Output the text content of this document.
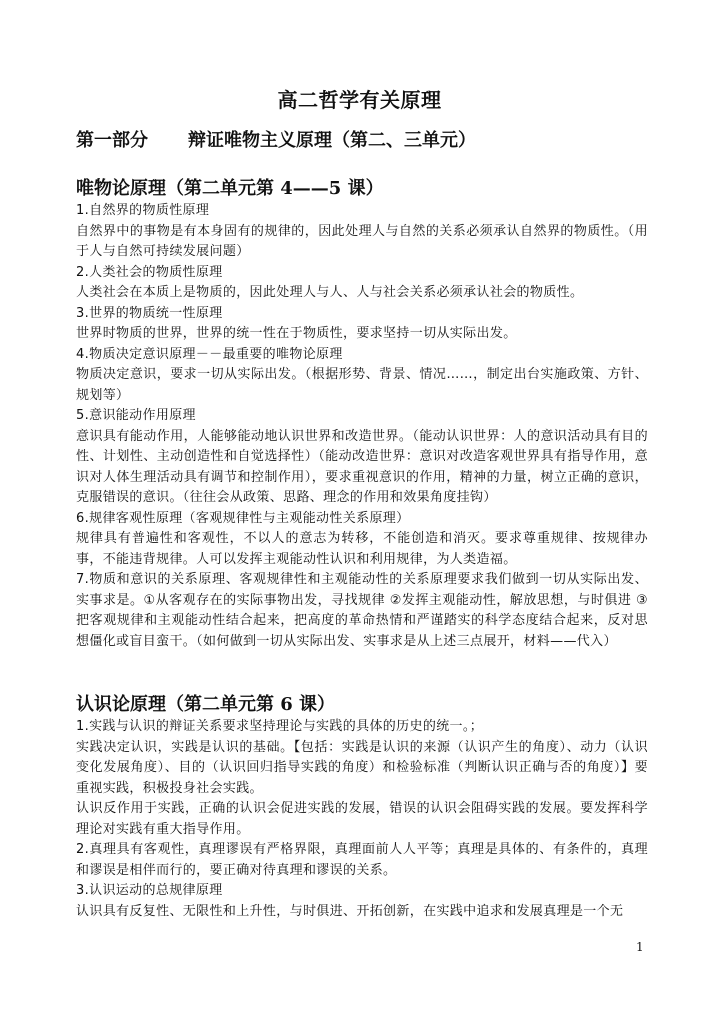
高二哲学有关原理
第一部分 辩证唯物主义原理（第二、三单元）
唯物论原理（第二单元第 4——5 课）

1.自然界的物质性原理

自然界中的事物是有本身固有的规律的，因此处理人与自然的关系必须承认自然界的物质性。（用于人与自然可持续发展问题）

2.人类社会的物质性原理

人类社会在本质上是物质的，因此处理人与人、人与社会关系必须承认社会的物质性。

3.世界的物质统一性原理

世界时物质的世界，世界的统一性在于物质性，要求坚持一切从实际出发。

4.物质决定意识原理－－最重要的唯物论原理

物质决定意识，要求一切从实际出发。（根据形势、背景、情况……，制定出台实施政策、方针、规划等）

5.意识能动作用原理

意识具有能动作用，人能够能动地认识世界和改造世界。（能动认识世界：人的意识活动具有目的性、计划性、主动创造性和自觉选择性）（能动改造世界：意识对改造客观世界具有指导作用，意识对人体生理活动具有调节和控制作用），要求重视意识的作用，精神的力量，树立正确的意识，克服错误的意识。（往往会从政策、思路、理念的作用和效果角度挂钩）

6.规律客观性原理（客观规律性与主观能动性关系原理）

规律具有普遍性和客观性，不以人的意志为转移，不能创造和消灭。要求尊重规律、按规律办事，不能违背规律。人可以发挥主观能动性认识和利用规律，为人类造福。

7.物质和意识的关系原理、客观规律性和主观能动性的关系原理要求我们做到一切从实际出发、实事求是。①从客观存在的实际事物出发，寻找规律 ②发挥主观能动性，解放思想，与时俱进 ③把客观规律和主观能动性结合起来，把高度的革命热情和严谨踏实的科学态度结合起来，反对思想僵化或盲目蛮干。（如何做到一切从实际出发、实事求是从上述三点展开，材料——代入）

认识论原理（第二单元第 6 课）

1.实践与认识的辩证关系要求坚持理论与实践的具体的历史的统一。；

实践决定认识，实践是认识的基础。【包括：实践是认识的来源（认识产生的角度）、动力（认识变化发展角度）、目的（认识回归指导实践的角度）和检验标准（判断认识正确与否的角度）】要重视实践，积极投身社会实践。

认识反作用于实践，正确的认识会促进实践的发展，错误的认识会阻碍实践的发展。要发挥科学理论对实践有重大指导作用。

2.真理具有客观性，真理谬误有严格界限，真理面前人人平等；真理是具体的、有条件的，真理和谬误是相伴而行的，要正确对待真理和谬误的关系。

3.认识运动的总规律原理

认识具有反复性、无限性和上升性，与时俱进、开拓创新，在实践中追求和发展真理是一个无

1
